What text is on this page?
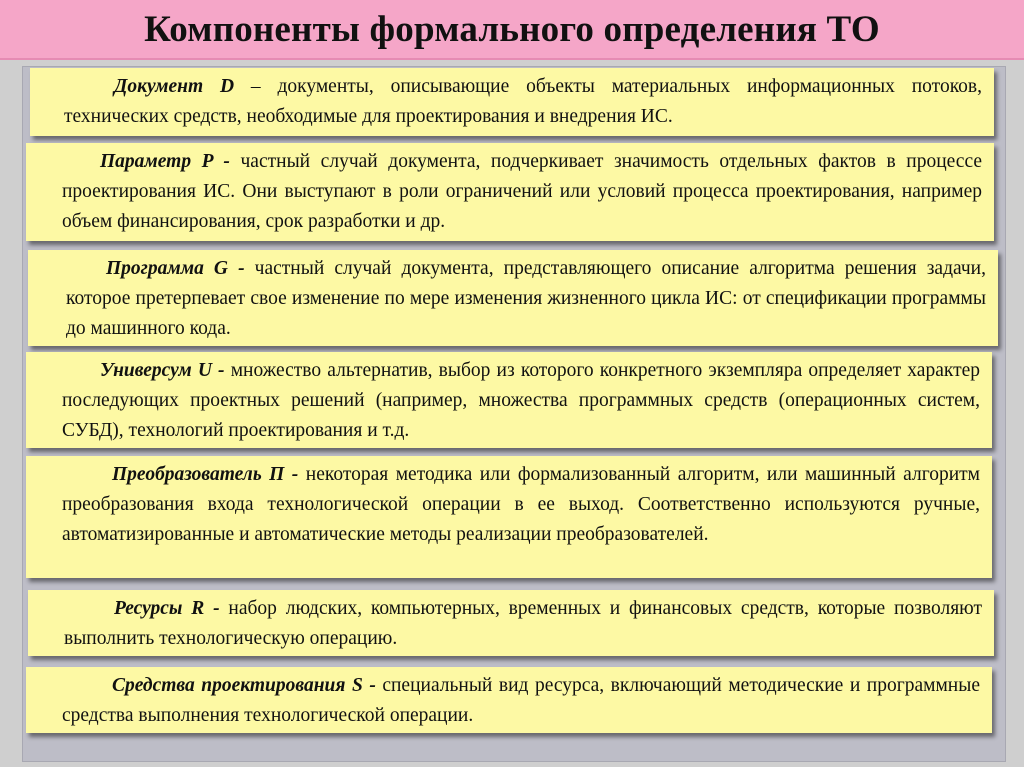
Компоненты формального определения ТО

Документ D – документы, описывающие объекты материальных информационных потоков, технических средств, необходимые для проектирования и внедрения ИС.

Параметр P - частный случай документа, подчеркивает значимость отдельных фактов в процессе проектирования ИС. Они выступают в роли ограничений или условий процесса проектирования, например объем финансирования, срок разработки и др.

Программа G - частный случай документа, представляющего описание алгоритма решения задачи, которое претерпевает свое изменение по мере изменения жизненного цикла ИС: от спецификации программы до машинного кода.

Универсум U - множество альтернатив, выбор из которого конкретного экземпляра определяет характер последующих проектных решений (например, множества программных средств (операционных систем, СУБД), технологий проектирования и т.д.

Преобразователь П - некоторая методика или формализованный алгоритм, или машинный алгоритм преобразования входа технологической операции в ее выход. Соответственно используются ручные, автоматизированные и автоматические методы реализации преобразователей.

Ресурсы R - набор людских, компьютерных, временных и финансовых средств, которые позволяют выполнить технологическую операцию.

Средства проектирования S - специальный вид ресурса, включающий методические и программные средства выполнения технологической операции.
